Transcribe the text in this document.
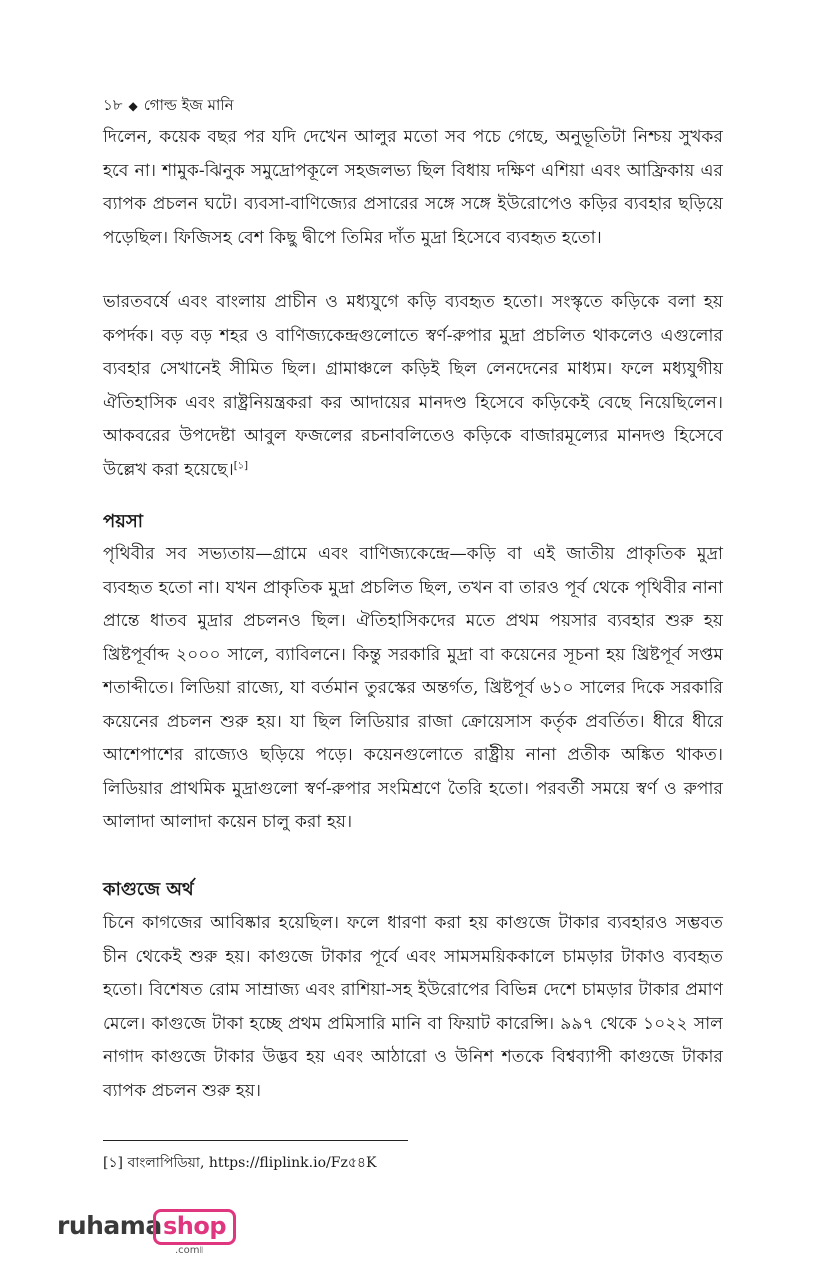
১৮ ◆ গোল্ড ইজ মানি

দিলেন, কয়েক বছর পর যদি দেখেন আলুর মতো সব পচে গেছে, অনুভূতিটা নিশ্চয় সুখকর হবে না। শামুক-ঝিনুক সমুদ্রোপকূলে সহজলভ্য ছিল বিধায় দক্ষিণ এশিয়া এবং আফ্রিকায় এর ব্যাপক প্রচলন ঘটে। ব্যবসা-বাণিজ্যের প্রসারের সঙ্গে সঙ্গে ইউরোপেও কড়ির ব্যবহার ছড়িয়ে পড়েছিল। ফিজিসহ বেশ কিছু দ্বীপে তিমির দাঁত মুদ্রা হিসেবে ব্যবহৃত হতো।

ভারতবর্ষে এবং বাংলায় প্রাচীন ও মধ্যযুগে কড়ি ব্যবহৃত হতো। সংস্কৃতে কড়িকে বলা হয় কপর্দক। বড় বড় শহর ও বাণিজ্যকেন্দ্রগুলোতে স্বর্ণ-রুপার মুদ্রা প্রচলিত থাকলেও এগুলোর ব্যবহার সেখানেই সীমিত ছিল। গ্রামাঞ্চলে কড়িই ছিল লেনদেনের মাধ্যম। ফলে মধ্যযুগীয় ঐতিহাসিক এবং রাষ্ট্রনিয়ন্ত্রকরা কর আদায়ের মানদণ্ড হিসেবে কড়িকেই বেছে নিয়েছিলেন। আকবরের উপদেষ্টা আবুল ফজলের রচনাবলিতেও কড়িকে বাজারমূল্যের মানদণ্ড হিসেবে উল্লেখ করা হয়েছে।[১]

পয়সা

পৃথিবীর সব সভ্যতায়—গ্রামে এবং বাণিজ্যকেন্দ্রে—কড়ি বা এই জাতীয় প্রাকৃতিক মুদ্রা ব্যবহৃত হতো না। যখন প্রাকৃতিক মুদ্রা প্রচলিত ছিল, তখন বা তারও পূর্ব থেকে পৃথিবীর নানা প্রান্তে ধাতব মুদ্রার প্রচলনও ছিল। ঐতিহাসিকদের মতে প্রথম পয়সার ব্যবহার শুরু হয় খ্রিষ্টপূর্বাব্দ ২০০০ সালে, ব্যাবিলনে। কিন্তু সরকারি মুদ্রা বা কয়েনের সূচনা হয় খ্রিষ্টপূর্ব সপ্তম শতাব্দীতে। লিডিয়া রাজ্যে, যা বর্তমান তুরস্কের অন্তর্গত, খ্রিষ্টপূর্ব ৬১০ সালের দিকে সরকারি কয়েনের প্রচলন শুরু হয়। যা ছিল লিডিয়ার রাজা ক্রোয়েসাস কর্তৃক প্রবর্তিত। ধীরে ধীরে আশেপাশের রাজ্যেও ছড়িয়ে পড়ে। কয়েনগুলোতে রাষ্ট্রীয় নানা প্রতীক অঙ্কিত থাকত। লিডিয়ার প্রাথমিক মুদ্রাগুলো স্বর্ণ-রুপার সংমিশ্রণে তৈরি হতো। পরবর্তী সময়ে স্বর্ণ ও রুপার আলাদা আলাদা কয়েন চালু করা হয়।

কাগুজে অর্থ

চিনে কাগজের আবিষ্কার হয়েছিল। ফলে ধারণা করা হয় কাগুজে টাকার ব্যবহারও সম্ভবত চীন থেকেই শুরু হয়। কাগুজে টাকার পূর্বে এবং সামসময়িককালে চামড়ার টাকাও ব্যবহৃত হতো। বিশেষত রোম সাম্রাজ্য এবং রাশিয়া-সহ ইউরোপের বিভিন্ন দেশে চামড়ার টাকার প্রমাণ মেলে। কাগুজে টাকা হচ্ছে প্রথম প্রমিসারি মানি বা ফিয়াট কারেন্সি। ৯৯৭ থেকে ১০২২ সাল নাগাদ কাগুজে টাকার উদ্ভব হয় এবং আঠারো ও উনিশ শতকে বিশ্বব্যাপী কাগুজে টাকার ব্যাপক প্রচলন শুরু হয়।

[১] বাংলাপিডিয়া, https://fliplink.io/Fz৫৪K
ruhama shop
.com৷৷
